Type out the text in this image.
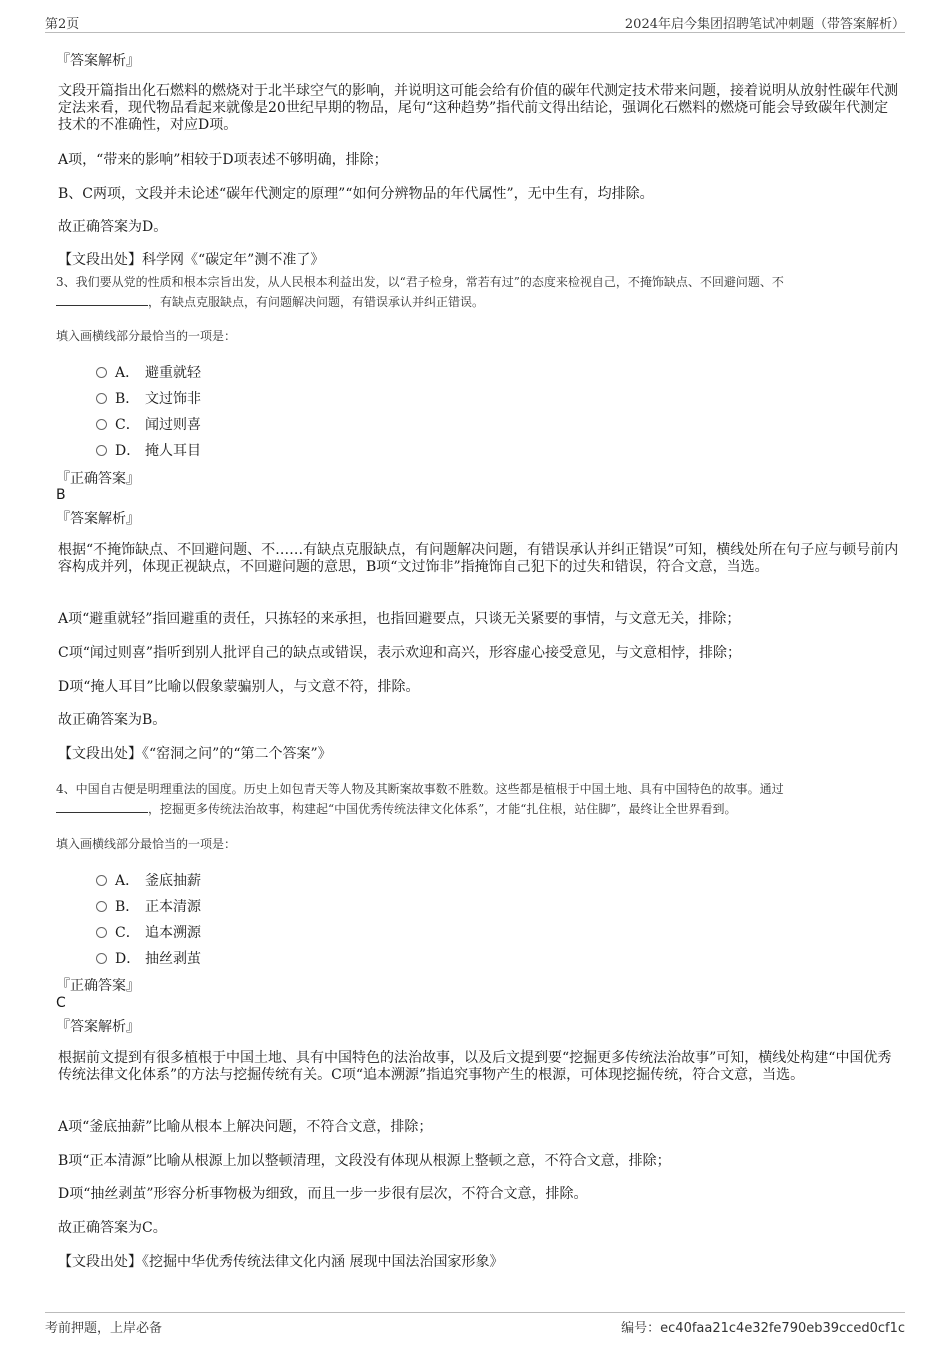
第2页	2024年启今集团招聘笔试冲刺题（带答案解析）
『答案解析』
文段开篇指出化石燃料的燃烧对于北半球空气的影响，并说明这可能会给有价值的碳年代测定技术带来问题，接着说明从放射性碳年代测定法来看，现代物品看起来就像是20世纪早期的物品，尾句“这种趋势”指代前文得出结论，强调化石燃料的燃烧可能会导致碳年代测定技术的不准确性，对应D项。
A项，“带来的影响”相较于D项表述不够明确，排除；
B、C两项，文段并未论述“碳年代测定的原理”“如何分辨物品的年代属性”，无中生有，均排除。
故正确答案为D。
【文段出处】科学网《“碳定年”测不准了》
3、我们要从党的性质和根本宗旨出发，从人民根本利益出发，以“君子检身，常若有过”的态度来检视自己，不掩饰缺点、不回避问题、不
，有缺点克服缺点，有问题解决问题，有错误承认并纠正错误。
填入画横线部分最恰当的一项是：
A． 避重就轻
B． 文过饰非
C． 闻过则喜
D． 掩人耳目
『正确答案』
B
『答案解析』
根据“不掩饰缺点、不回避问题、不……有缺点克服缺点，有问题解决问题，有错误承认并纠正错误”可知，横线处所在句子应与顿号前内容构成并列，体现正视缺点，不回避问题的意思，B项“文过饰非”指掩饰自己犯下的过失和错误，符合文意，当选。
A项“避重就轻”指回避重的责任，只拣轻的来承担，也指回避要点，只谈无关紧要的事情，与文意无关，排除；
C项“闻过则喜”指听到别人批评自己的缺点或错误，表示欢迎和高兴，形容虚心接受意见，与文意相悖，排除；
D项“掩人耳目”比喻以假象蒙骗别人，与文意不符，排除。
故正确答案为B。
【文段出处】《“窑洞之问”的“第二个答案”》
4、中国自古便是明理重法的国度。历史上如包青天等人物及其断案故事数不胜数。这些都是植根于中国土地、具有中国特色的故事。通过
，挖掘更多传统法治故事，构建起“中国优秀传统法律文化体系”，才能“扎住根，站住脚”，最终让全世界看到。
填入画横线部分最恰当的一项是：
A． 釜底抽薪
B． 正本清源
C． 追本溯源
D． 抽丝剥茧
『正确答案』
C
『答案解析』
根据前文提到有很多植根于中国土地、具有中国特色的法治故事，以及后文提到要“挖掘更多传统法治故事”可知，横线处构建“中国优秀传统法律文化体系”的方法与挖掘传统有关。C项“追本溯源”指追究事物产生的根源，可体现挖掘传统，符合文意，当选。
A项“釜底抽薪”比喻从根本上解决问题，不符合文意，排除；
B项“正本清源”比喻从根源上加以整顿清理，文段没有体现从根源上整顿之意，不符合文意，排除；
D项“抽丝剥茧”形容分析事物极为细致，而且一步一步很有层次，不符合文意，排除。
故正确答案为C。
【文段出处】《挖掘中华优秀传统法律文化内涵 展现中国法治国家形象》
考前押题，上岸必备	编号：ec40faa21c4e32fe790eb39cced0cf1c
